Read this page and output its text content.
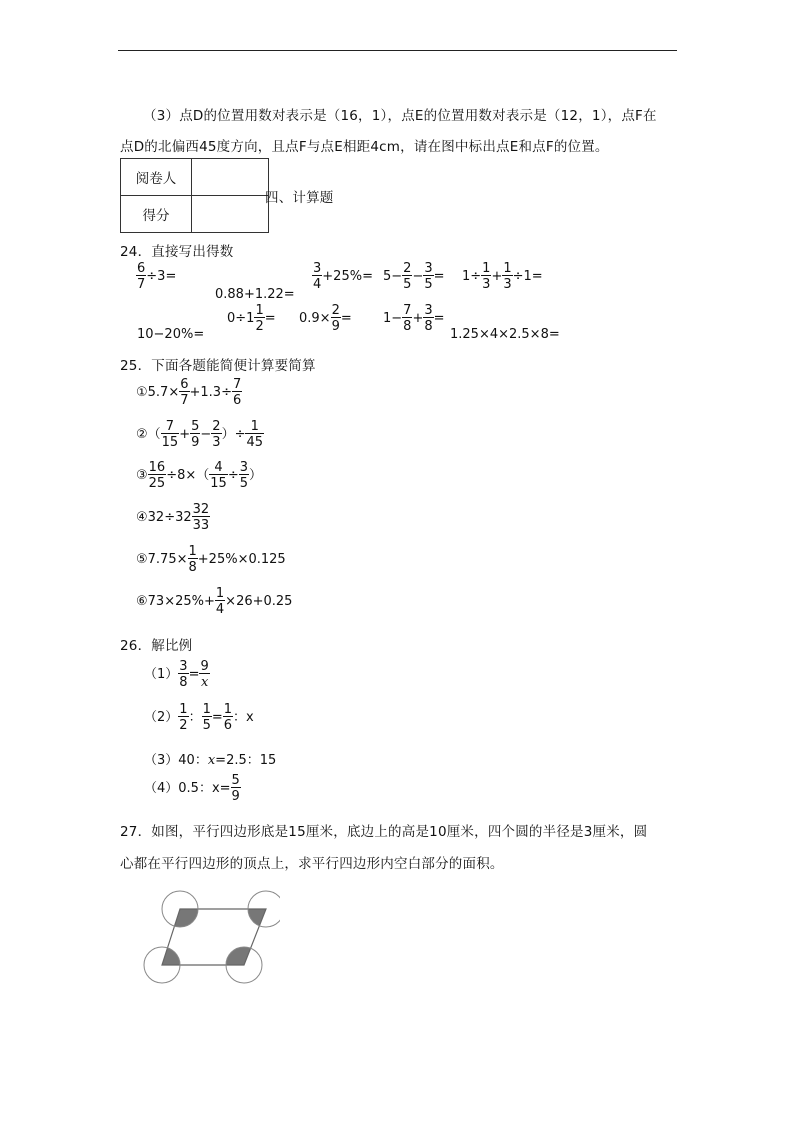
（3）点D的位置用数对表示是（16，1），点E的位置用数对表示是（12，1），点F在
点D的北偏西45度方向，且点F与点E相距4cm，请在图中标出点E和点F的位置。
阅卷人	
得分	
四、计算题
24．直接写出得数
$\frac{6}{7} \div 3=$
0.88+1.22=
$\frac{3}{4} +25\%= 5- \frac{2}{5} - \frac{3}{5} = 1\div \frac{1}{3} + \frac{1}{3} \div 1=$
10−20%=
$0\div 1 \frac{1}{2} = 0.9\times \frac{2}{9} = 1- \frac{7}{8} + \frac{3}{8}$ =
1.25×4×2.5×8=
25．下面各题能简便计算要简算
①5.7× $\frac{6}{7} +1.3\div \frac{7}{6}$
②（ $\frac{7}{15} + \frac{5}{9} - \frac{2}{3}$ ）÷ $\frac{1}{45}$
③ $\frac{16}{25} \div 8\times( \frac{4}{15} \div \frac{3}{5}$ ）
④32÷32 $\frac{32}{33}$
⑤7.75× $\frac{1}{8} +25\%\times 0.125$
⑥73×25%+ $\frac{1}{4} \times 26+0.25$
26．解比例
$(1) \frac{3}{8} = \frac{9}{x}$
$(2) \frac{1}{2}$ ： $\frac{1}{5} = \frac{1}{6}$ ：x
（3）40：x=2.5：15
（4）0.5：$x= \frac{5}{9}$
27．如图，平行四边形底是15厘米，底边上的高是10厘米，四个圆的半径是3厘米，圆
心都在平行四边形的顶点上，求平行四边形内空白部分的面积。
